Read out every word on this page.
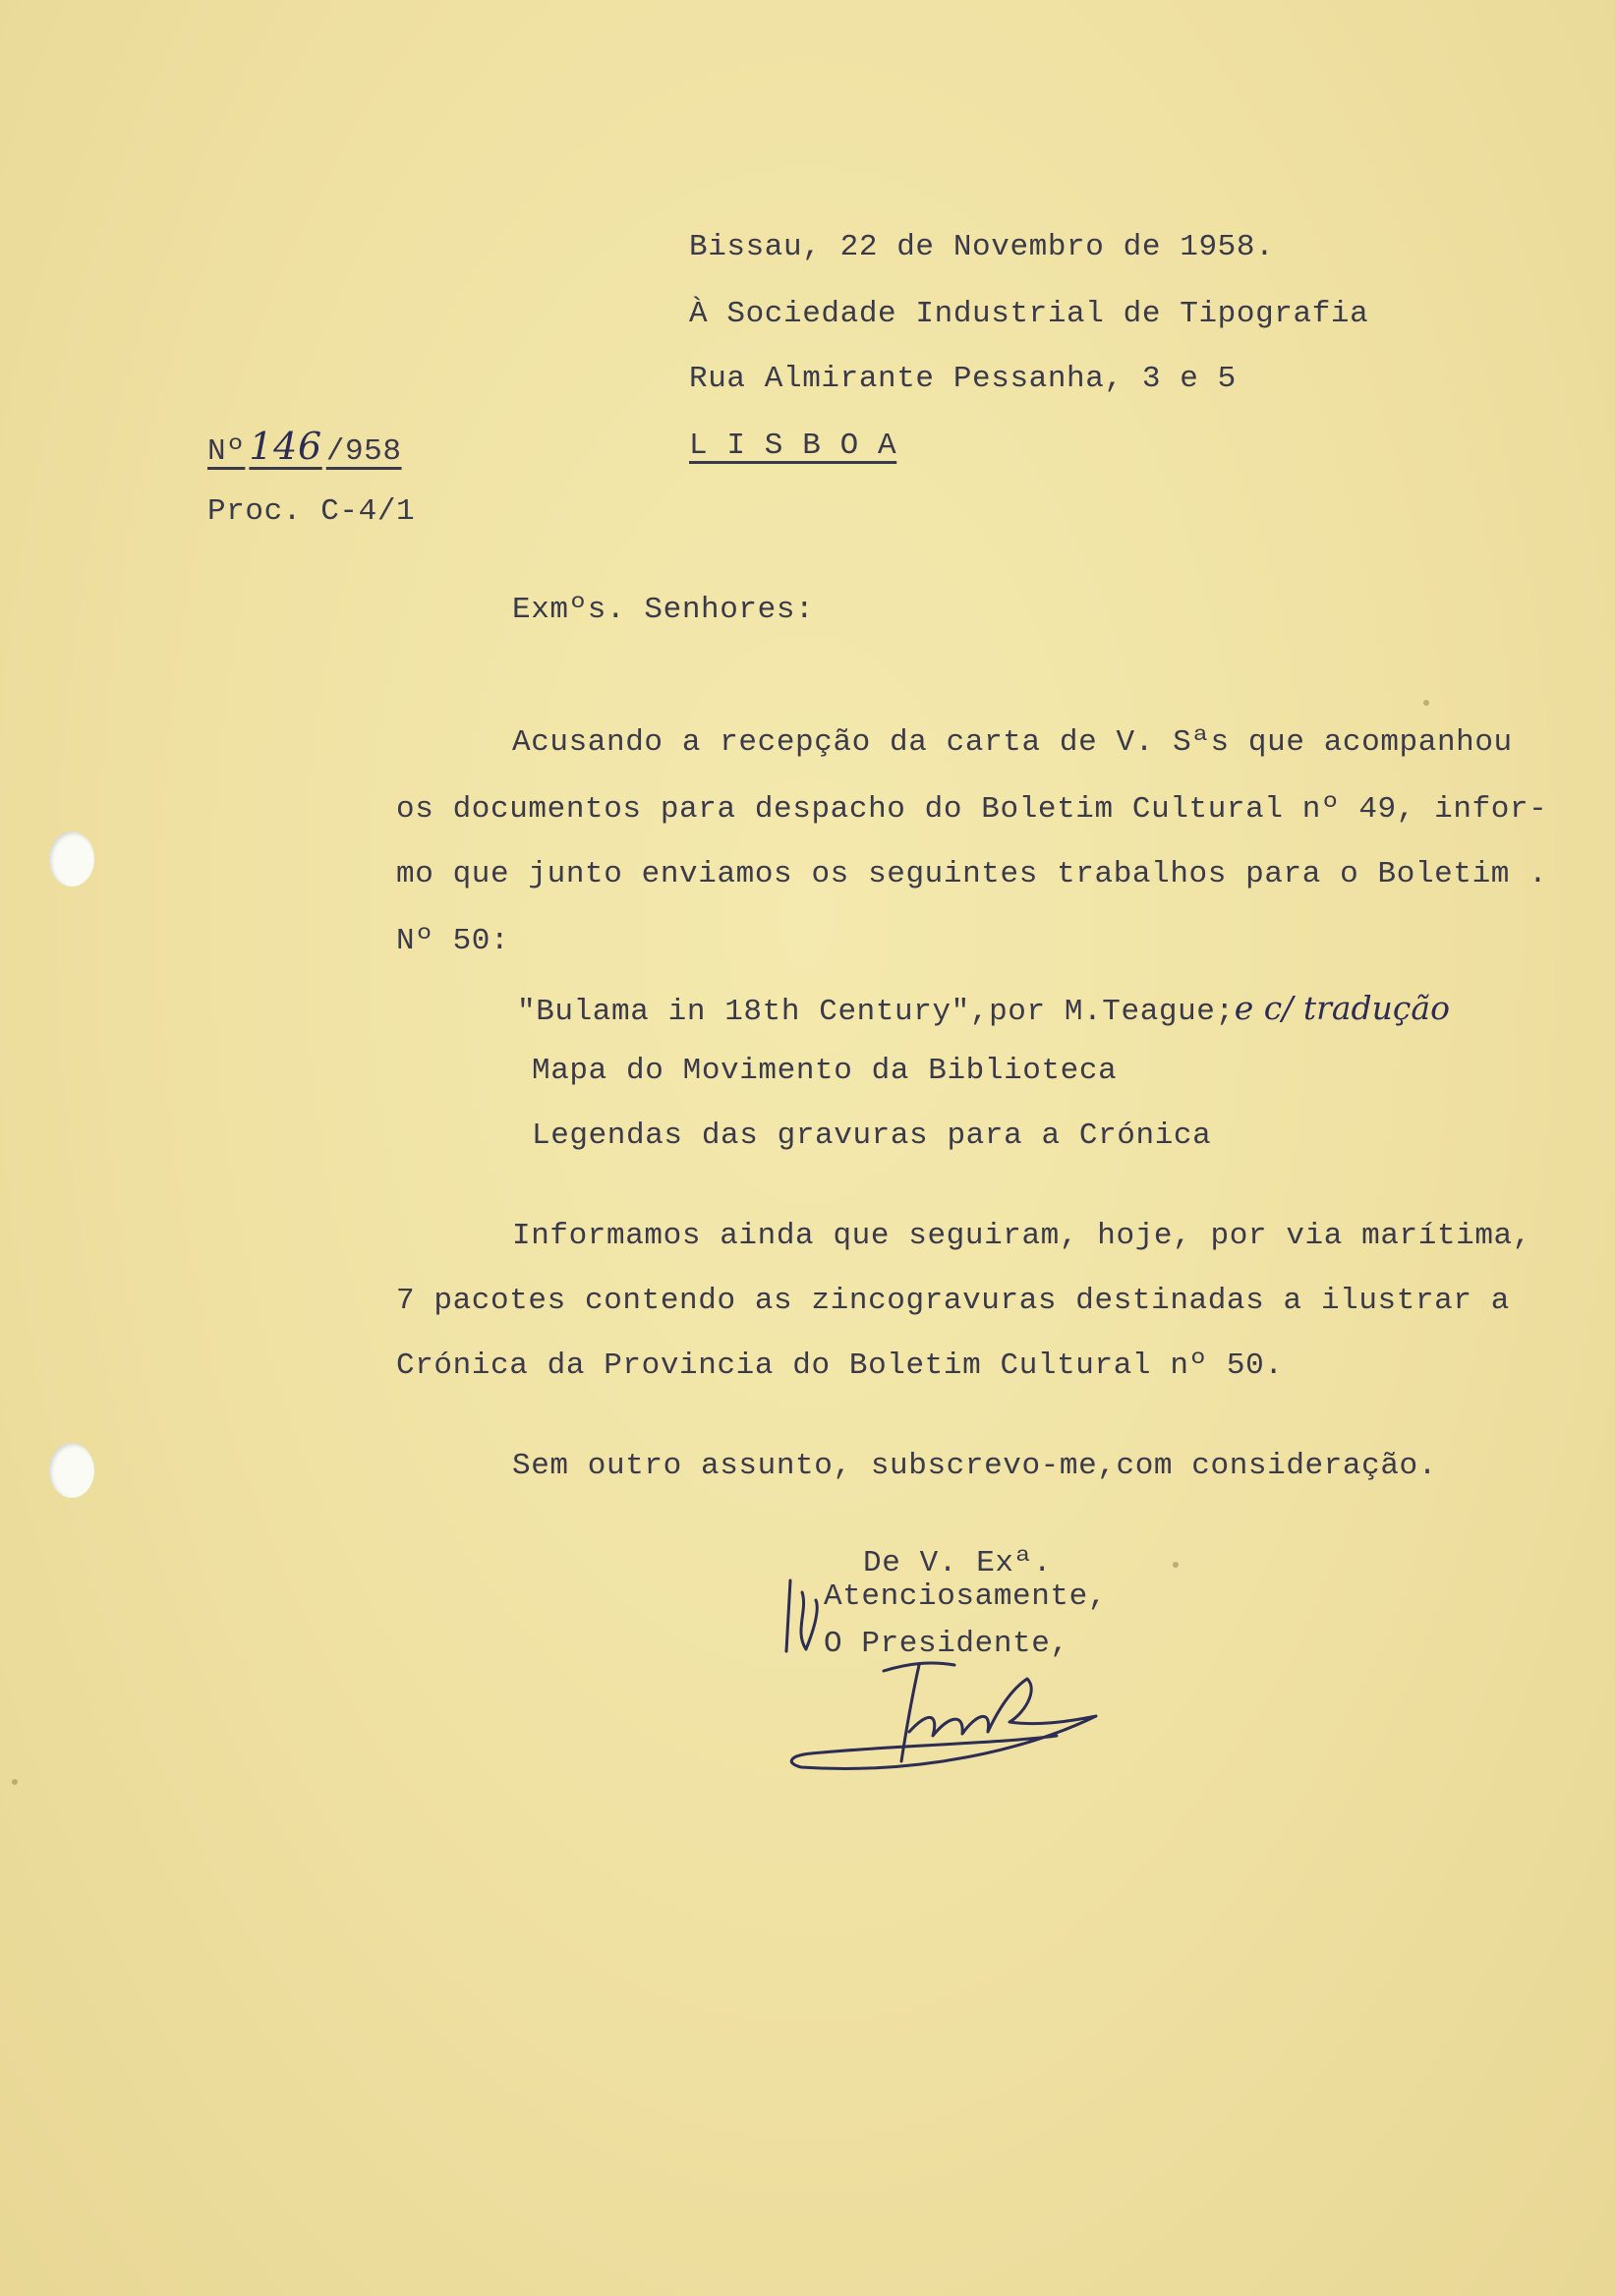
Bissau, 22 de Novembro de 1958.
À Sociedade Industrial de Tipografia
Rua Almirante Pessanha, 3 e 5
L I S B O A
Nº 146 /958
Proc. C-4/1
Exmºs. Senhores:
Acusando a recepção da carta de V. Sªs que acompanhou
os documentos para despacho do Boletim Cultural nº 49, infor-
mo que junto enviamos os seguintes trabalhos para o Boletim .
Nº 50:
"Bulama in 18th Century",por M.Teague;e c/ tradução
Mapa do Movimento da Biblioteca
Legendas das gravuras para a Crónica
Informamos ainda que seguiram, hoje, por via marítima,
7 pacotes contendo as zincogravuras destinadas a ilustrar a
Crónica da Provincia do Boletim Cultural nº 50.
Sem outro assunto, subscrevo-me,com consideração.
De V. Exª.
Atenciosamente,
O Presidente,
